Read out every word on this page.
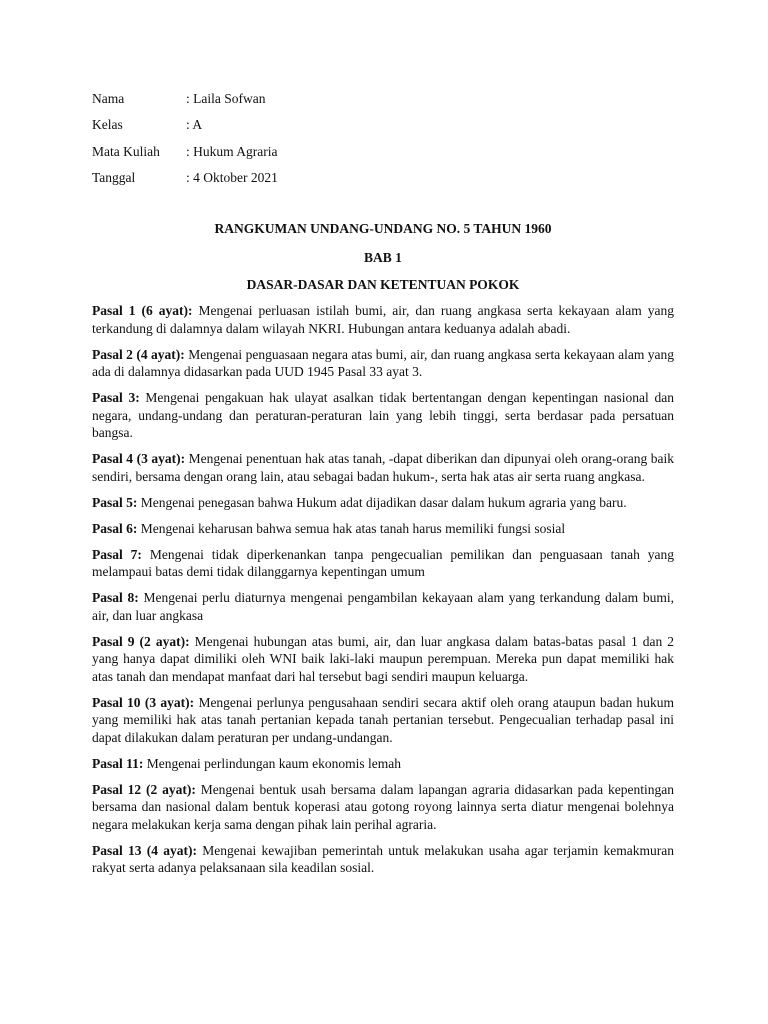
Nama	: Laila Sofwan
Kelas	: A
Mata Kuliah	: Hukum Agraria
Tanggal	: 4 Oktober 2021

RANGKUMAN UNDANG-UNDANG NO. 5 TAHUN 1960

BAB 1

DASAR-DASAR DAN KETENTUAN POKOK

Pasal 1 (6 ayat): Mengenai perluasan istilah bumi, air, dan ruang angkasa serta kekayaan alam yang terkandung di dalamnya dalam wilayah NKRI. Hubungan antara keduanya adalah abadi.

Pasal 2 (4 ayat): Mengenai penguasaan negara atas bumi, air, dan ruang angkasa serta kekayaan alam yang ada di dalamnya didasarkan pada UUD 1945 Pasal 33 ayat 3.

Pasal 3: Mengenai pengakuan hak ulayat asalkan tidak bertentangan dengan kepentingan nasional dan negara, undang-undang dan peraturan-peraturan lain yang lebih tinggi, serta berdasar pada persatuan bangsa.

Pasal 4 (3 ayat): Mengenai penentuan hak atas tanah, -dapat diberikan dan dipunyai oleh orang-orang baik sendiri, bersama dengan orang lain, atau sebagai badan hukum-, serta hak atas air serta ruang angkasa.

Pasal 5: Mengenai penegasan bahwa Hukum adat dijadikan dasar dalam hukum agraria yang baru.

Pasal 6: Mengenai keharusan bahwa semua hak atas tanah harus memiliki fungsi sosial

Pasal 7: Mengenai tidak diperkenankan tanpa pengecualian pemilikan dan penguasaan tanah yang melampaui batas demi tidak dilanggarnya kepentingan umum

Pasal 8: Mengenai perlu diaturnya mengenai pengambilan kekayaan alam yang terkandung dalam bumi, air, dan luar angkasa

Pasal 9 (2 ayat): Mengenai hubungan atas bumi, air, dan luar angkasa dalam batas-batas pasal 1 dan 2 yang hanya dapat dimiliki oleh WNI baik laki-laki maupun perempuan. Mereka pun dapat memiliki hak atas tanah dan mendapat manfaat dari hal tersebut bagi sendiri maupun keluarga.

Pasal 10 (3 ayat): Mengenai perlunya pengusahaan sendiri secara aktif oleh orang ataupun badan hukum yang memiliki hak atas tanah pertanian kepada tanah pertanian tersebut. Pengecualian terhadap pasal ini dapat dilakukan dalam peraturan per undang-undangan.

Pasal 11: Mengenai perlindungan kaum ekonomis lemah

Pasal 12 (2 ayat): Mengenai bentuk usah bersama dalam lapangan agraria didasarkan pada kepentingan bersama dan nasional dalam bentuk koperasi atau gotong royong lainnya serta diatur mengenai bolehnya negara melakukan kerja sama dengan pihak lain perihal agraria.

Pasal 13 (4 ayat): Mengenai kewajiban pemerintah untuk melakukan usaha agar terjamin kemakmuran rakyat serta adanya pelaksanaan sila keadilan sosial.
